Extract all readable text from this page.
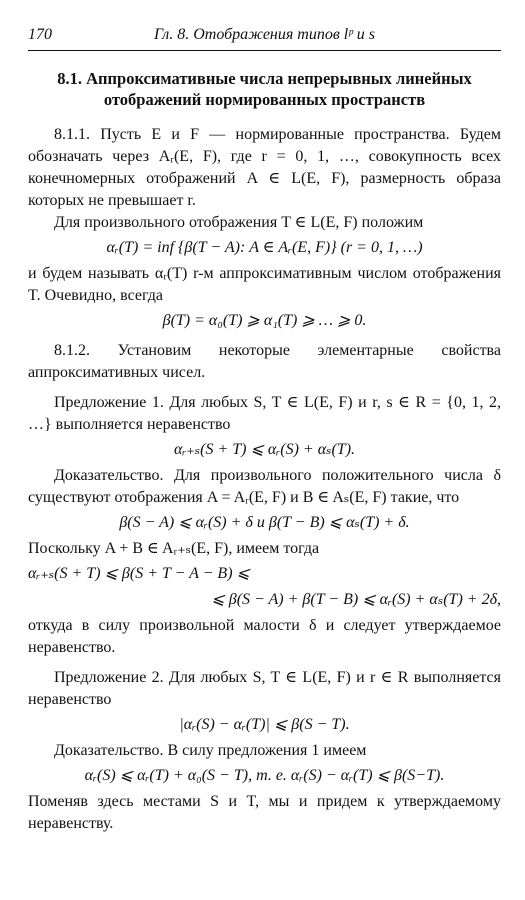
170	Гл. 8. Отображения типов lᵖ и s
8.1. Аппроксимативные числа непрерывных линейных
отображений нормированных пространств

8.1.1. Пусть E и F — нормированные пространства. Будем обозначать через Aᵣ(E, F), где r = 0, 1, …, совокупность всех конечномерных отображений A ∈ L(E, F), размерность образа которых не превышает r.

Для произвольного отображения T ∈ L(E, F) положим

αᵣ(T) = inf {β(T − A): A ∈ Aᵣ(E, F)} (r = 0, 1, …)

и будем называть αᵣ(T) r-м аппроксимативным числом отображения T. Очевидно, всегда

β(T) = α₀(T) ⩾ α₁(T) ⩾ … ⩾ 0.

8.1.2. Установим некоторые элементарные свойства аппроксимативных чисел.

Предложение 1. Для любых S, T ∈ L(E, F) и r, s ∈ R = {0, 1, 2, …} выполняется неравенство

αᵣ₊ₛ(S + T) ⩽ αᵣ(S) + αₛ(T).

Доказательство. Для произвольного положительного числа δ существуют отображения A = Aᵣ(E, F) и B ∈ Aₛ(E, F) такие, что

β(S − A) ⩽ αᵣ(S) + δ и β(T − B) ⩽ αₛ(T) + δ.

Поскольку A + B ∈ Aᵣ₊ₛ(E, F), имеем тогда

αᵣ₊ₛ(S + T) ⩽ β(S + T − A − B) ⩽
⩽ β(S − A) + β(T − B) ⩽ αᵣ(S) + αₛ(T) + 2δ,

откуда в силу произвольной малости δ и следует утверждаемое неравенство.

Предложение 2. Для любых S, T ∈ L(E, F) и r ∈ R выполняется неравенство

|αᵣ(S) − αᵣ(T)| ⩽ β(S − T).

Доказательство. В силу предложения 1 имеем

αᵣ(S) ⩽ αᵣ(T) + α₀(S − T), т. е. αᵣ(S) − αᵣ(T) ⩽ β(S−T).

Поменяв здесь местами S и T, мы и придем к утверждаемому неравенству.
